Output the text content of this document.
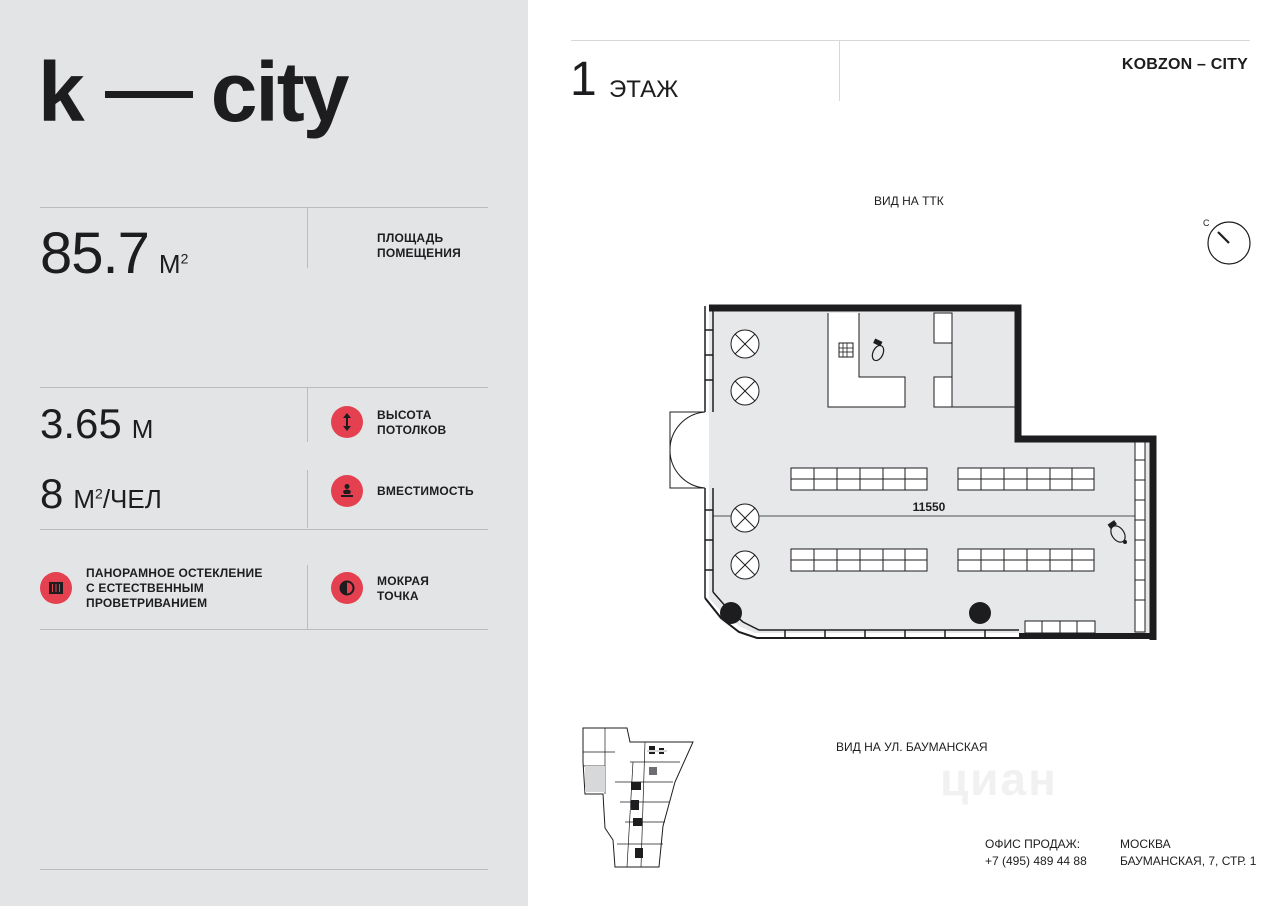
k city
85.7 $М^2$
ПЛОЩАДЬ
ПОМЕЩЕНИЯ
3.65 М	ВЫСОТА
ПОТОЛКОВ
8 $М^2$/ЧЕЛ	ВМЕСТИМОСТЬ
ПАНОРАМНОЕ ОСТЕКЛЕНИЕ
С ЕСТЕСТВЕННЫМ
ПРОВЕТРИВАНИЕМ
МОКРАЯ
ТОЧКА
1 ЭТАЖ
KOBZON – CITY
ВИД НА ТТК
С
11550
ВИД НА УЛ. БАУМАНСКАЯ
циан
ОФИС ПРОДАЖ:
+7 (495) 489 44 88
МОСКВА
БАУМАНСКАЯ, 7, СТР. 1
